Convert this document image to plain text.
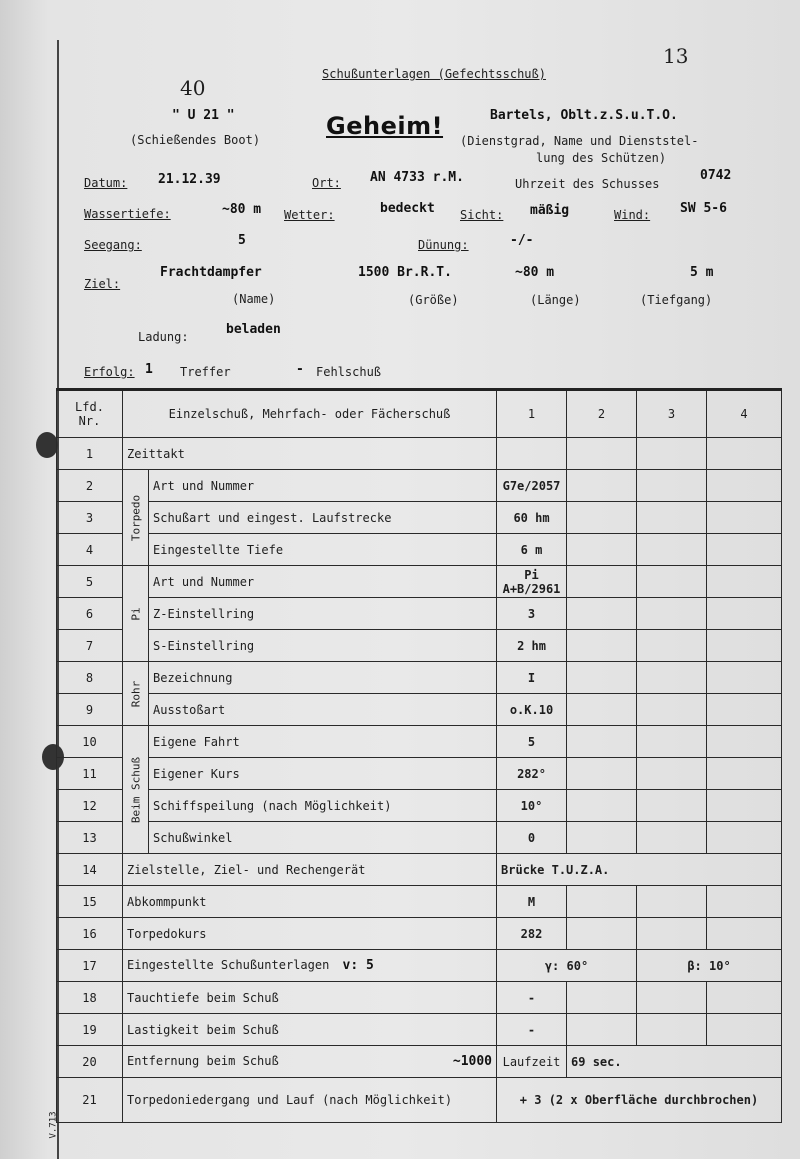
13
40
Schußunterlagen (Gefechtsschuß)
" U 21 "
(Schießendes Boot)	Geheim!	Bartels, Oblt.z.S.u.T.O.
(Dienstgrad, Name und Dienststel-
lung des Schützen)
Datum: 21.12.39	Ort: AN 4733 r.M.	Uhrzeit des Schusses
0742
Wassertiefe:	~80 m Wetter:	bedeckt Sicht: mäßig	Wind: SW 5-6
Seegang:	5	Dünung:	-/-
Ziel:
Frachtdampfer	1500 Br.R.T.	~80 m	5 m
(Name)	(Größe)	(Länge)	(Tiefgang)
Ladung:	beladen
Erfolg: 1 Treffer	- Fehlschuß
Lfd. Nr.	Einzelschuß, Mehrfach- oder Fächerschuß		1	2	3	4
1	Zeittakt					
2	Torpedo	Art und Nummer	G7e/2057			
3		Schußart und eingest. Laufstrecke	60 hm			
4		Eingestellte Tiefe	6 m			
5	Pi	Art und Nummer	Pi A+B/2961			
6		Z-Einstellring	3			
7		S-Einstellring	2 hm			
8	Rohr	Bezeichnung	I			
9		Ausstoßart	o.K.10			
10	Beim Schuß	Eigene Fahrt	5			
11		Eigener Kurs	282°			
12		Schiffspeilung (nach Möglichkeit)	10°			
13		Schußwinkel	0			
14	Zielstelle, Ziel- und Rechengerät		Brücke T.U.Z.A.			
15	Abkommpunkt		M			
16	Torpedokurs		282			
17	Eingestellte Schußunterlagen v: 5		γ: 60°		β: 10°	
18	Tauchtiefe beim Schuß		-			
19	Lastigkeit beim Schuß		-			
20	Entfernung beim Schuß ~1000		Laufzeit	69 sec.		
21	Torpedoniedergang und Lauf (nach Möglichkeit)		+ 3 (2 x Oberfläche durchbrochen)			
V.713
